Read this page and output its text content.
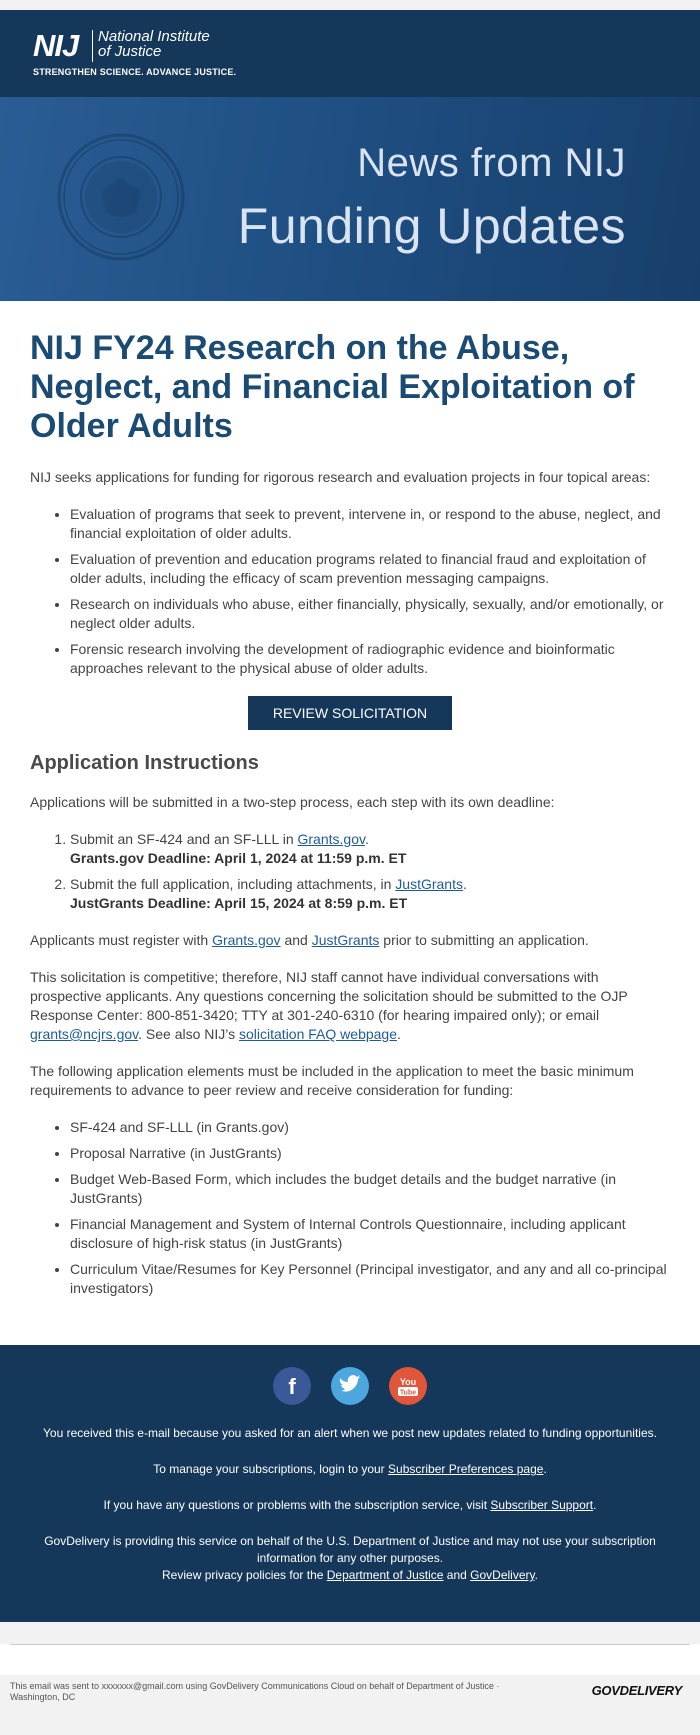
NIJ National Institute
of Justice
STRENGTHEN SCIENCE. ADVANCE JUSTICE.
News from NIJ
Funding Updates
NIJ FY24 Research on the Abuse, Neglect, and Financial Exploitation of Older Adults

NIJ seeks applications for funding for rigorous research and evaluation projects in four topical areas:

• Evaluation of programs that seek to prevent, intervene in, or respond to the abuse, neglect, and financial exploitation of older adults.
• Evaluation of prevention and education programs related to financial fraud and exploitation of older adults, including the efficacy of scam prevention messaging campaigns.
• Research on individuals who abuse, either financially, physically, sexually, and/or emotionally, or neglect older adults.
• Forensic research involving the development of radiographic evidence and bioinformatic approaches relevant to the physical abuse of older adults.
REVIEW SOLICITATION
Application Instructions

Applications will be submitted in a two-step process, each step with its own deadline:

1. Submit an SF-424 and an SF-LLL in Grants.gov.
Grants.gov Deadline: April 1, 2024 at 11:59 p.m. ET
2. Submit the full application, including attachments, in JustGrants.
JustGrants Deadline: April 15, 2024 at 8:59 p.m. ET

Applicants must register with Grants.gov and JustGrants prior to submitting an application.

This solicitation is competitive; therefore, NIJ staff cannot have individual conversations with prospective applicants. Any questions concerning the solicitation should be submitted to the OJP Response Center: 800-851-3420; TTY at 301-240-6310 (for hearing impaired only); or email grants@ncjrs.gov. See also NIJ’s solicitation FAQ webpage.

The following application elements must be included in the application to meet the basic minimum requirements to advance to peer review and receive consideration for funding:

• SF-424 and SF-LLL (in Grants.gov)
• Proposal Narrative (in JustGrants)
• Budget Web-Based Form, which includes the budget details and the budget narrative (in JustGrants)
• Financial Management and System of Internal Controls Questionnaire, including applicant disclosure of high-risk status (in JustGrants)
• Curriculum Vitae/Resumes for Key Personnel (Principal investigator, and any and all co-principal investigators)
f

	You
Tube

You received this e-mail because you asked for an alert when we post new updates related to funding opportunities.

To manage your subscriptions, login to your Subscriber Preferences page.

If you have any questions or problems with the subscription service, visit Subscriber Support.

GovDelivery is providing this service on behalf of the U.S. Department of Justice and may not use your subscription information for any other purposes.
Review privacy policies for the Department of Justice and GovDelivery.

This email was sent to xxxxxxx@gmail.com using GovDelivery Communications Cloud on behalf of Department of Justice · Washington, DC	GOVDELIVERY
